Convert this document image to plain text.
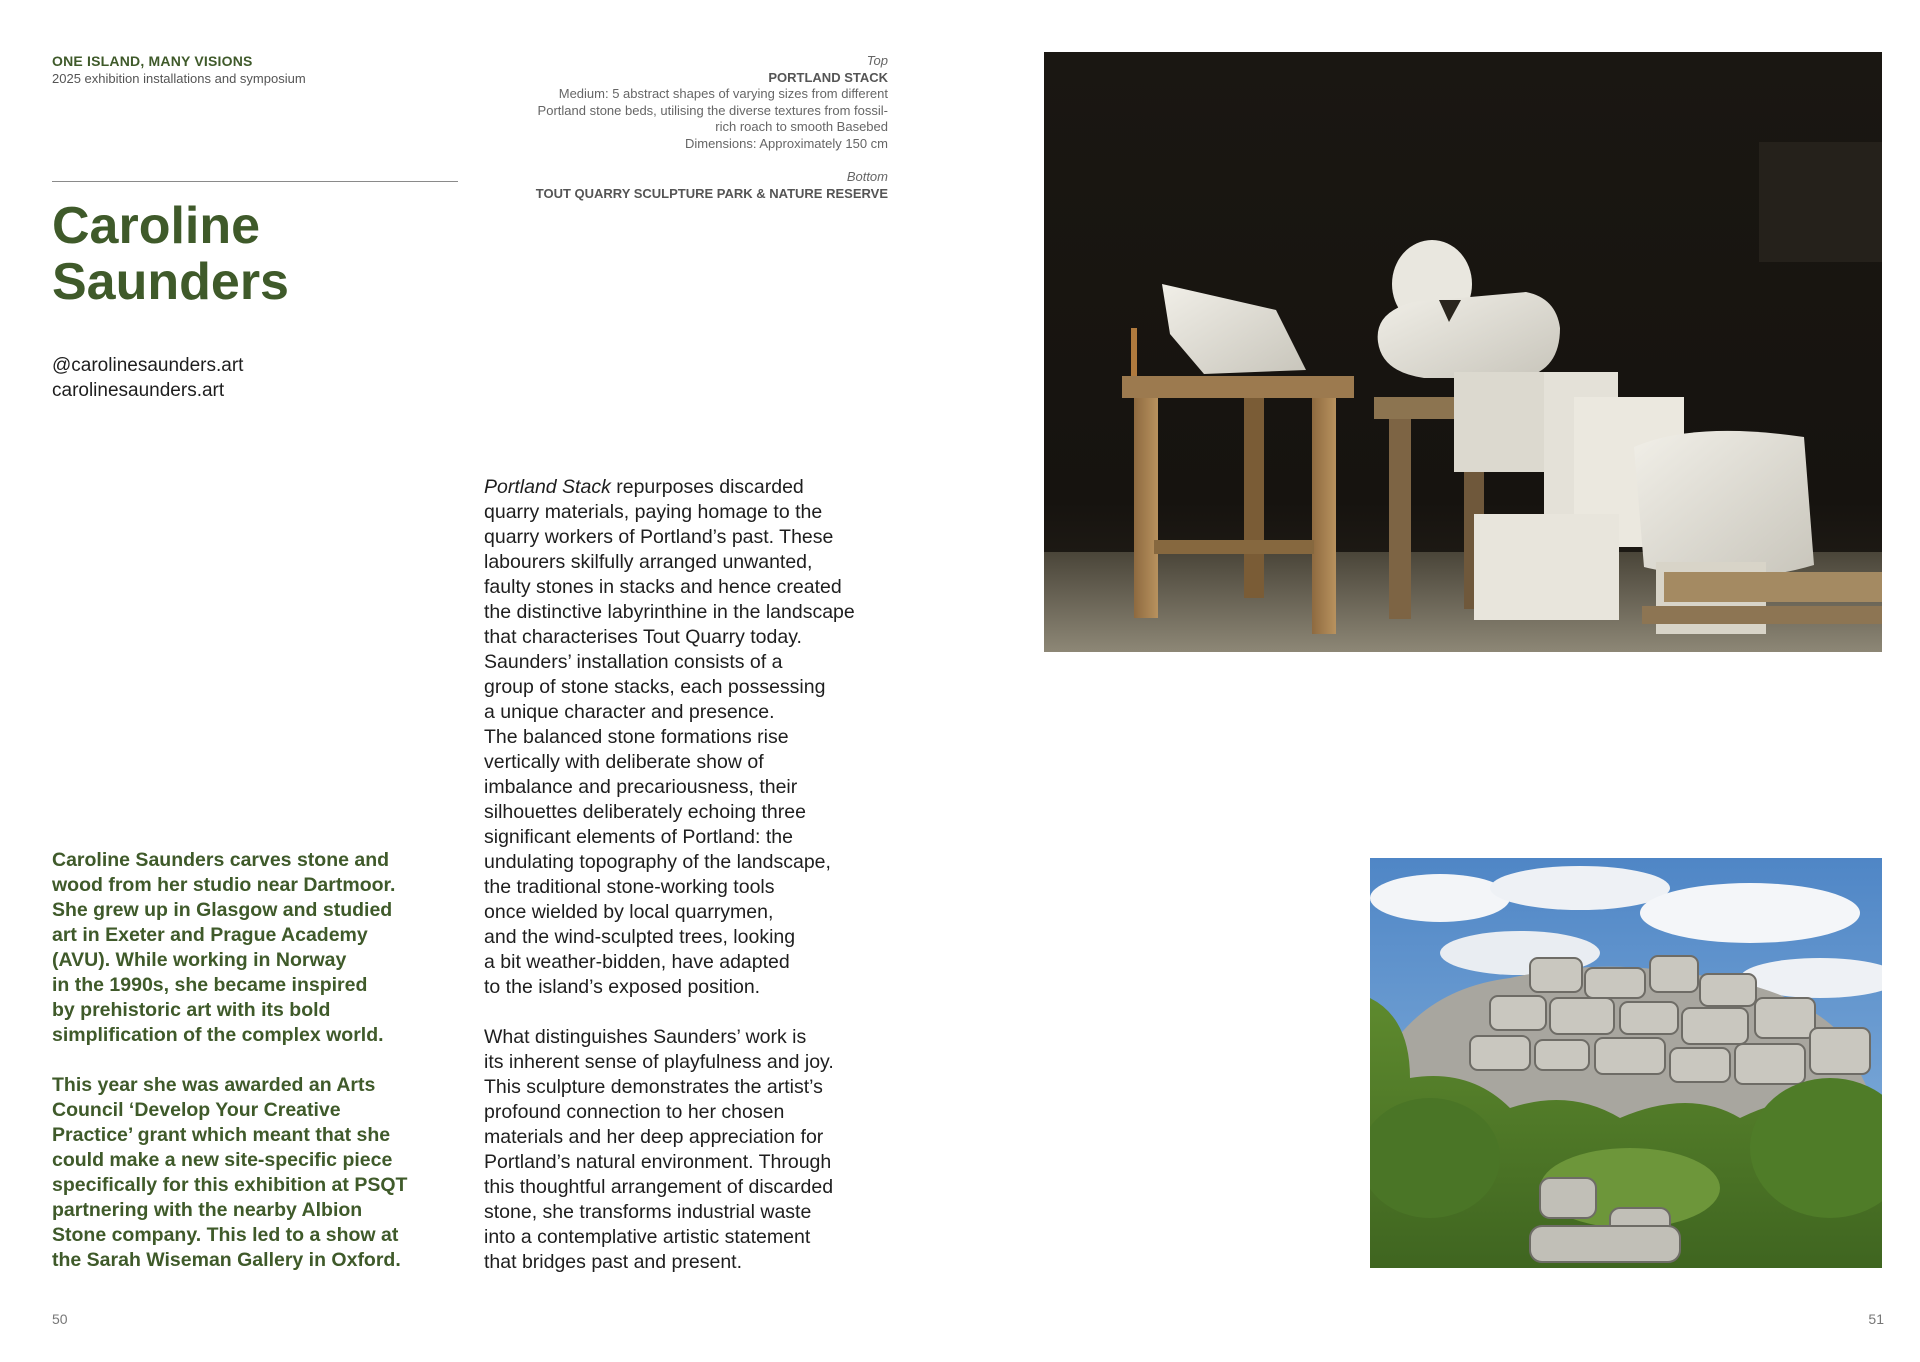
ONE ISLAND, MANY VISIONS
2025 exhibition installations and symposium
Caroline
Saunders
@carolinesaunders.art
carolinesaunders.art
Top
PORTLAND STACK
Medium: 5 abstract shapes of varying sizes from different
Portland stone beds, utilising the diverse textures from fossil-
rich roach to smooth Basebed
Dimensions: Approximately 150 cm
Bottom
TOUT QUARRY SCULPTURE PARK & NATURE RESERVE

Caroline Saunders carves stone and
wood from her studio near Dartmoor.
She grew up in Glasgow and studied
art in Exeter and Prague Academy
(AVU). While working in Norway
in the 1990s, she became inspired
by prehistoric art with its bold
simplification of the complex world.

This year she was awarded an Arts
Council ‘Develop Your Creative
Practice’ grant which meant that she
could make a new site-specific piece
specifically for this exhibition at PSQT
partnering with the nearby Albion
Stone company. This led to a show at
the Sarah Wiseman Gallery in Oxford.

Portland Stack repurposes discarded
quarry materials, paying homage to the
quarry workers of Portland’s past. These
labourers skilfully arranged unwanted,
faulty stones in stacks and hence created
the distinctive labyrinthine in the landscape
that characterises Tout Quarry today.
Saunders’ installation consists of a
group of stone stacks, each possessing
a unique character and presence.
The balanced stone formations rise
vertically with deliberate show of
imbalance and precariousness, their
silhouettes deliberately echoing three
significant elements of Portland: the
undulating topography of the landscape,
the traditional stone-working tools
once wielded by local quarrymen,
and the wind-sculpted trees, looking
a bit weather-bidden, have adapted
to the island’s exposed position.

What distinguishes Saunders’ work is
its inherent sense of playfulness and joy.
This sculpture demonstrates the artist’s
profound connection to her chosen
materials and her deep appreciation for
Portland’s natural environment. Through
this thoughtful arrangement of discarded
stone, she transforms industrial waste
into a contemplative artistic statement
that bridges past and present.

50	51
